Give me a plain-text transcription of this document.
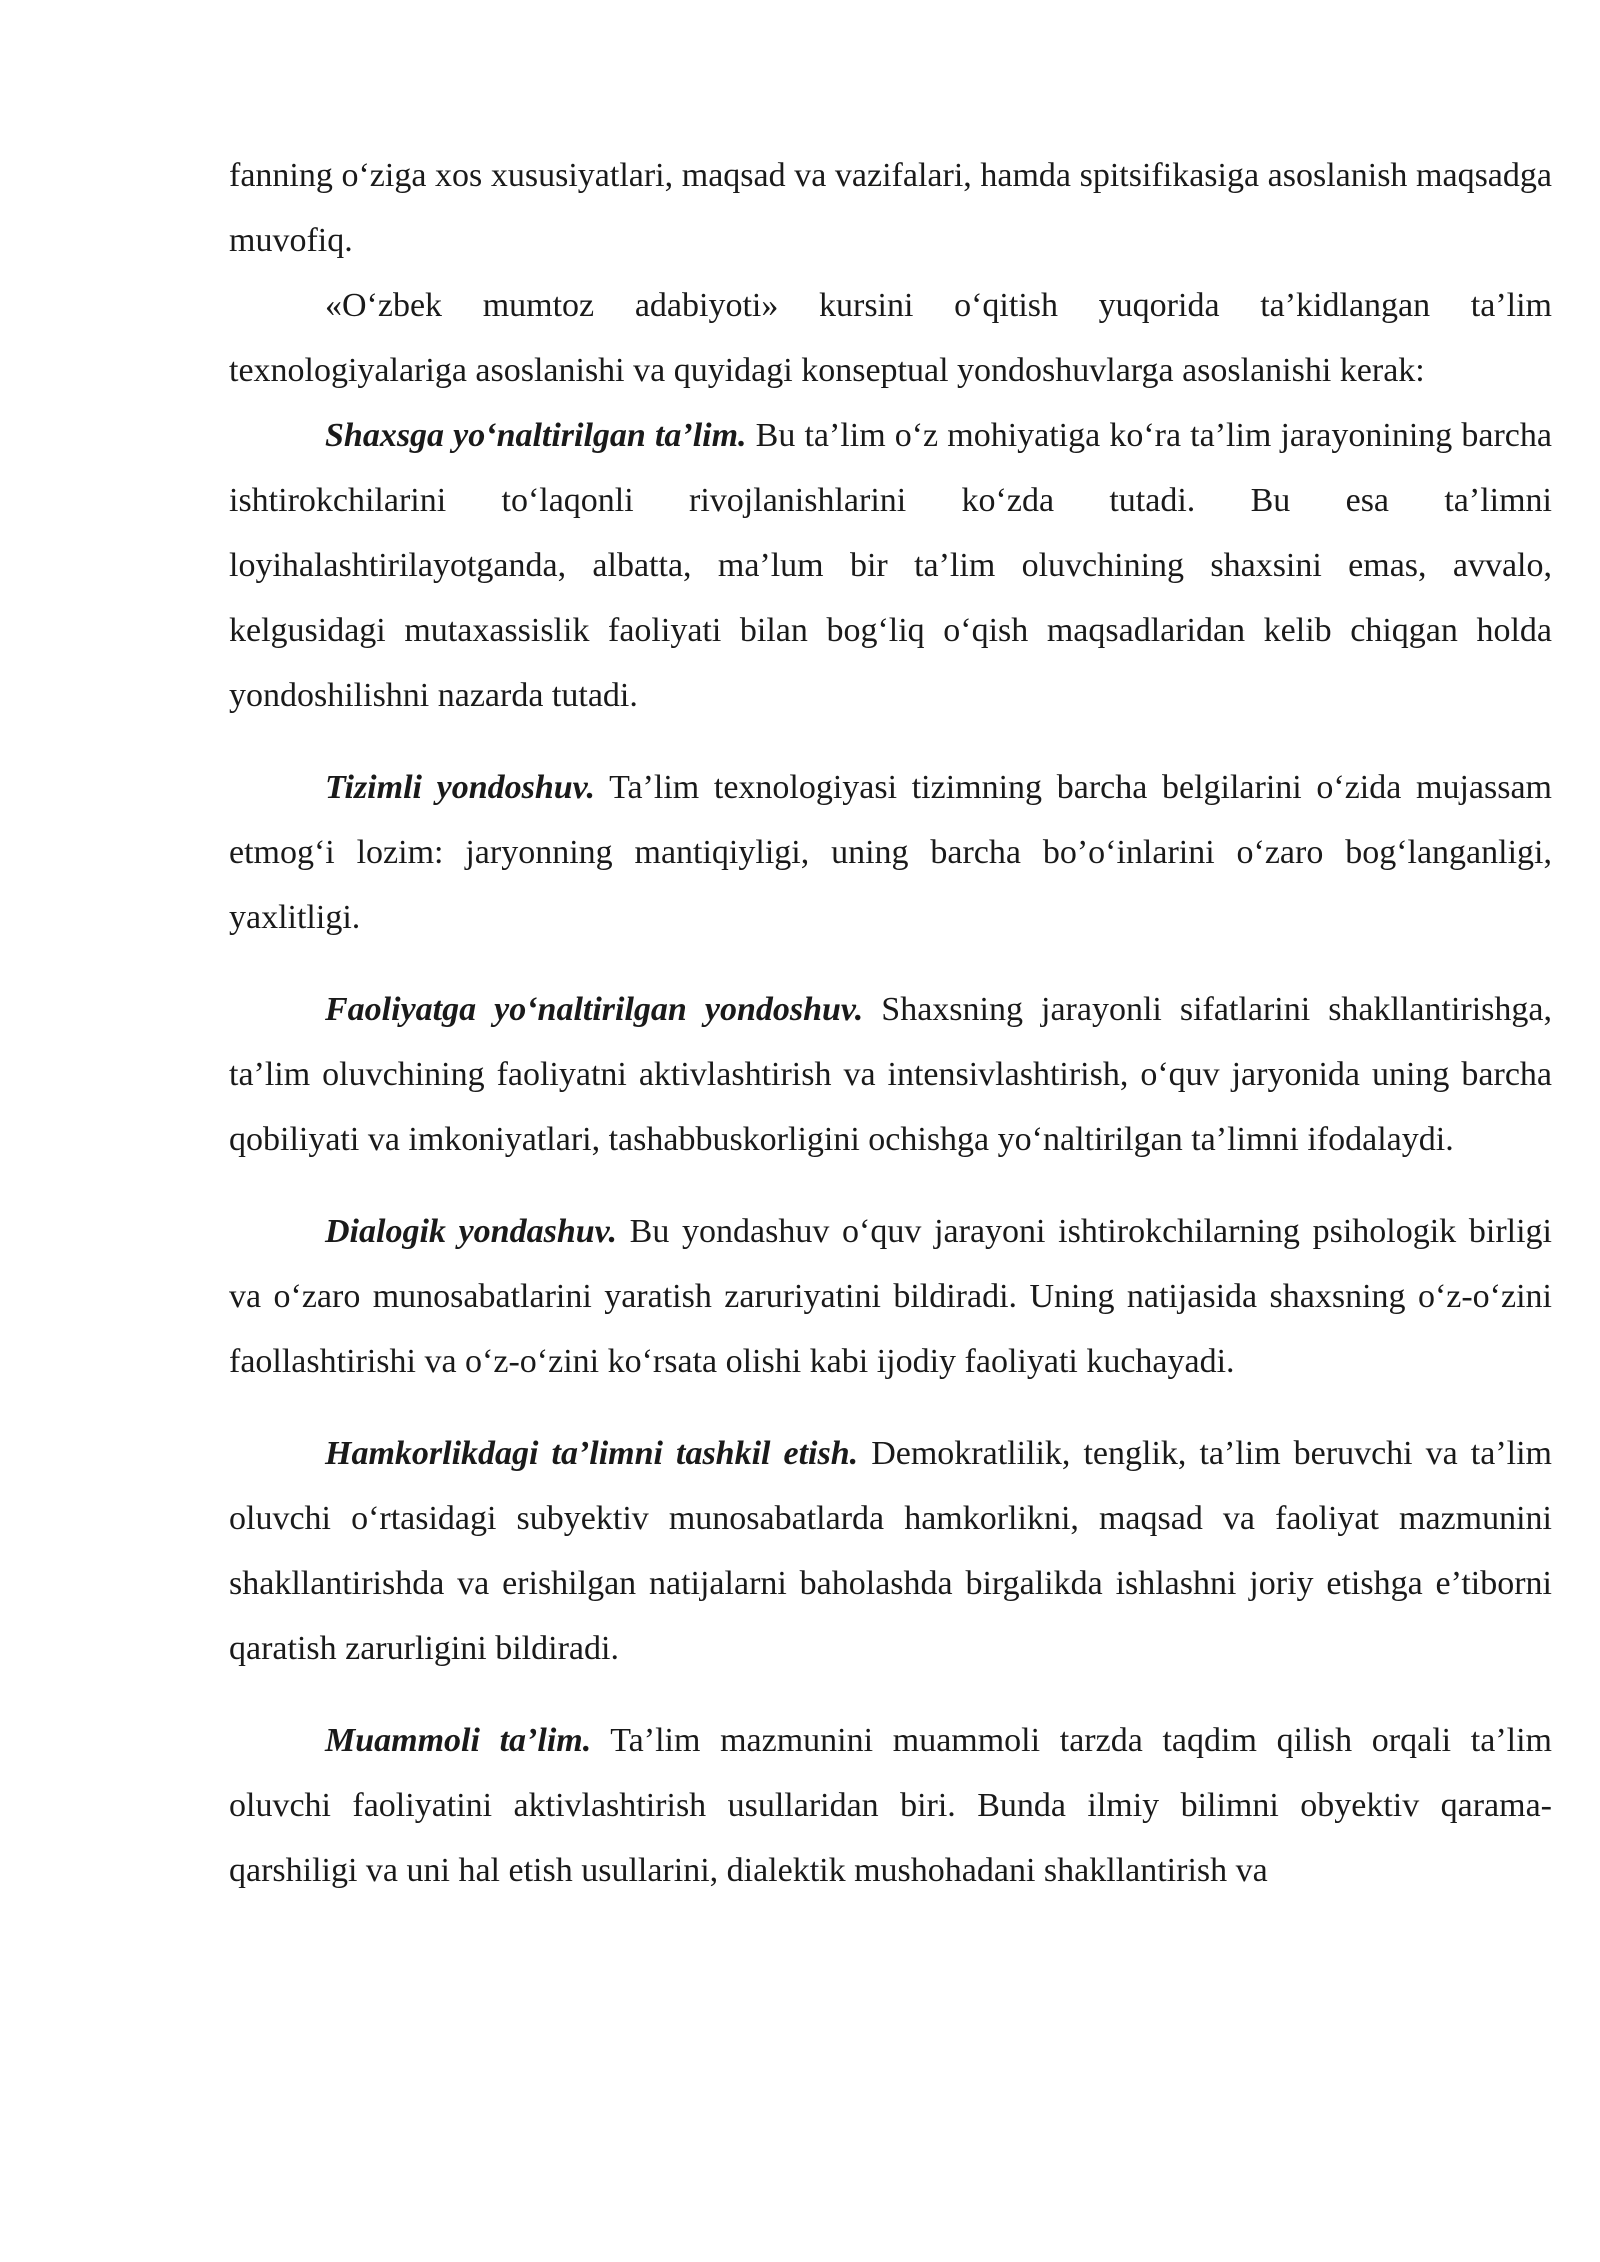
fanning o‘ziga xos xususiyatlari, maqsad va vazifalari, hamda spitsifikasiga asoslanish maqsadga muvofiq.

«O‘zbek mumtoz adabiyoti» kursini o‘qitish yuqorida ta’kidlangan ta’lim texnologiyalariga asoslanishi va quyidagi konseptual yondoshuvlarga asoslanishi kerak:

Shaxsga yo‘naltirilgan ta’lim. Bu ta’lim o‘z mohiyatiga ko‘ra ta’lim jarayonining barcha ishtirokchilarini to‘laqonli rivojlanishlarini ko‘zda tutadi. Bu esa ta’limni loyihalashtirilayotganda, albatta, ma’lum bir ta’lim oluvchining shaxsini emas, avvalo, kelgusidagi mutaxassislik faoliyati bilan bog‘liq o‘qish maqsadlaridan kelib chiqgan holda yondoshilishni nazarda tutadi.

Tizimli yondoshuv. Ta’lim texnologiyasi tizimning barcha belgilarini o‘zida mujassam etmog‘i lozim: jaryonning mantiqiyligi, uning barcha bo’o‘inlarini o‘zaro bog‘langanligi, yaxlitligi.

Faoliyatga yo‘naltirilgan yondoshuv. Shaxsning jarayonli sifatlarini shakllantirishga, ta’lim oluvchining faoliyatni aktivlashtirish va intensivlashtirish, o‘quv jaryonida uning barcha qobiliyati va imkoniyatlari, tashabbuskorligini ochishga yo‘naltirilgan ta’limni ifodalaydi.

Dialogik yondashuv. Bu yondashuv o‘quv jarayoni ishtirokchilarning psihologik birligi va o‘zaro munosabatlarini yaratish zaruriyatini bildiradi. Uning natijasida shaxsning o‘z-o‘zini faollashtirishi va o‘z-o‘zini ko‘rsata olishi kabi ijodiy faoliyati kuchayadi.

Hamkorlikdagi ta’limni tashkil etish. Demokratlilik, tenglik, ta’lim beruvchi va ta’lim oluvchi o‘rtasidagi subyektiv munosabatlarda hamkorlikni, maqsad va faoliyat mazmunini shakllantirishda va erishilgan natijalarni baholashda birgalikda ishlashni joriy etishga e’tiborni qaratish zarurligini bildiradi.

Muammoli ta’lim. Ta’lim mazmunini muammoli tarzda taqdim qilish orqali ta’lim oluvchi faoliyatini aktivlashtirish usullaridan biri. Bunda ilmiy bilimni obyektiv qarama-qarshiligi va uni hal etish usullarini, dialektik mushohadani shakllantirish va
